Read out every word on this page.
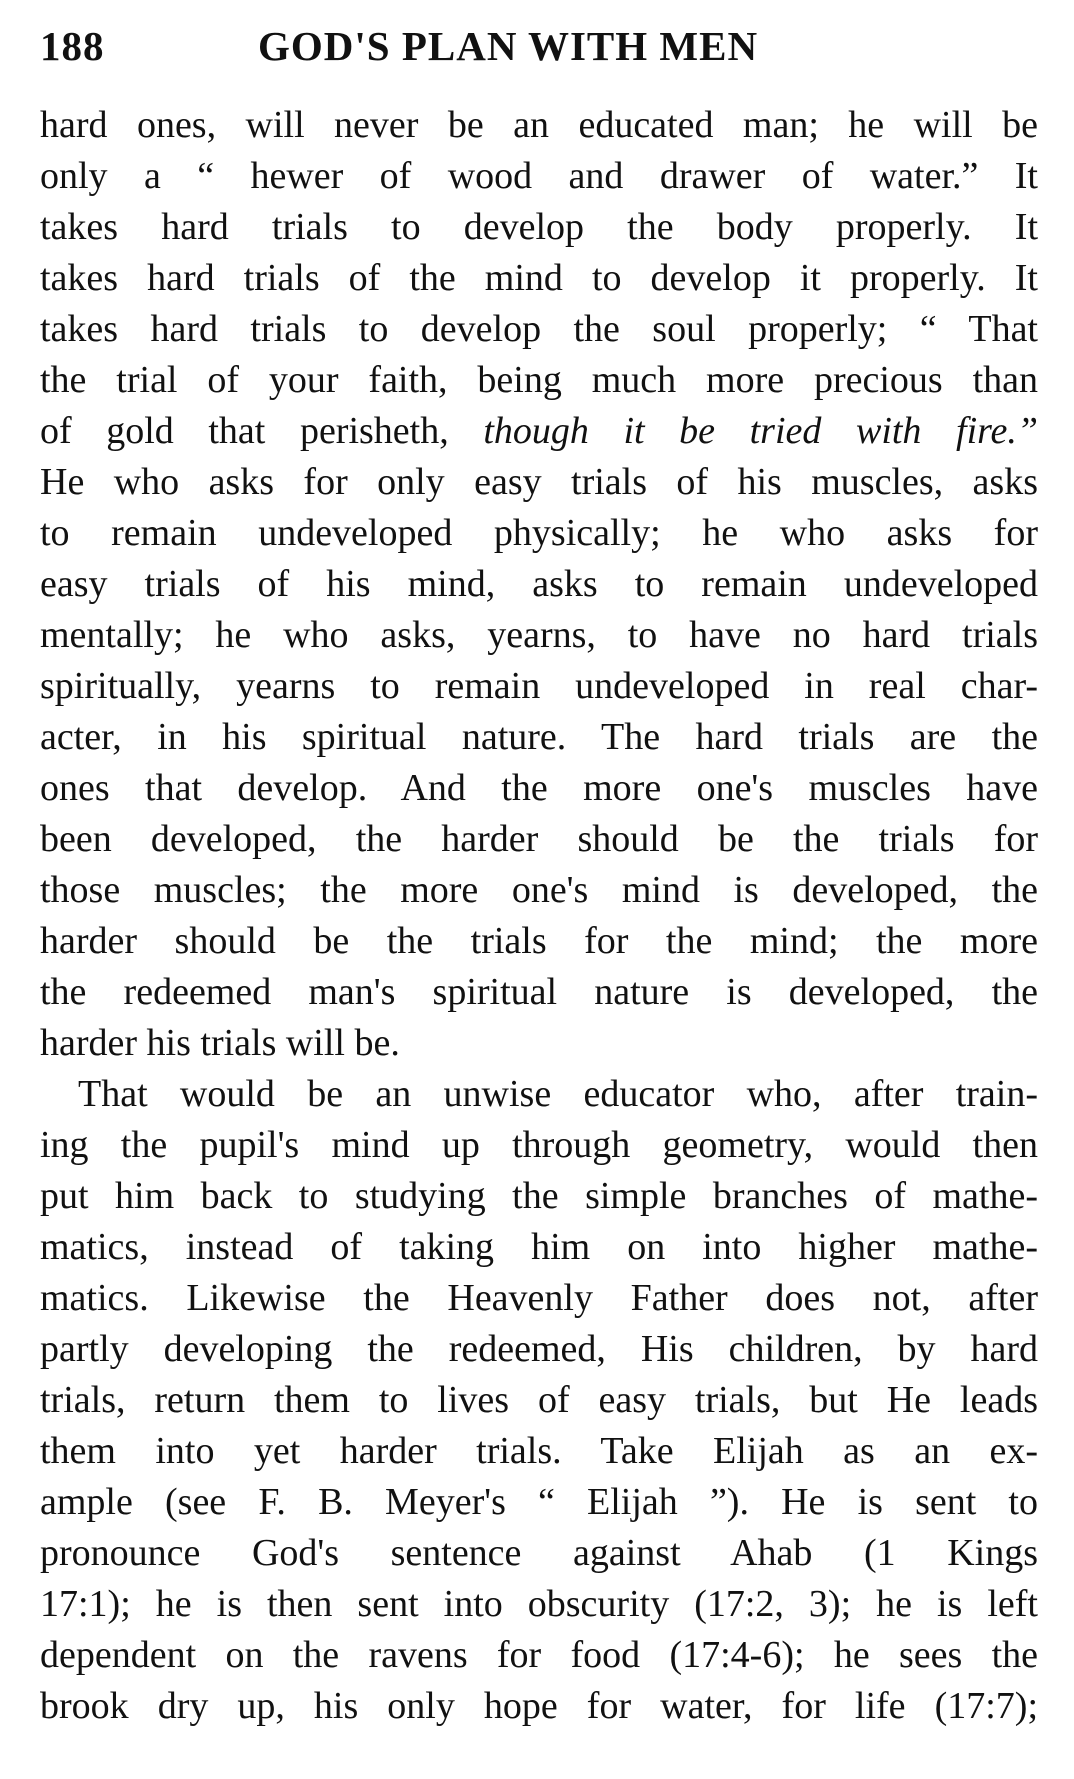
188	GOD'S PLAN WITH MEN
hard ones, will never be an educated man; he will be
only a “ hewer of wood and drawer of water.” It
takes hard trials to develop the body properly. It
takes hard trials of the mind to develop it properly. It
takes hard trials to develop the soul properly; “ That
the trial of your faith, being much more precious than
of gold that perisheth, though it be tried with fire.”
He who asks for only easy trials of his muscles, asks
to remain undeveloped physically; he who asks for
easy trials of his mind, asks to remain undeveloped
mentally; he who asks, yearns, to have no hard trials
spiritually, yearns to remain undeveloped in real char-
acter, in his spiritual nature. The hard trials are the
ones that develop. And the more one's muscles have
been developed, the harder should be the trials for
those muscles; the more one's mind is developed, the
harder should be the trials for the mind; the more
the redeemed man's spiritual nature is developed, the
harder his trials will be.
That would be an unwise educator who, after train-
ing the pupil's mind up through geometry, would then
put him back to studying the simple branches of mathe-
matics, instead of taking him on into higher mathe-
matics. Likewise the Heavenly Father does not, after
partly developing the redeemed, His children, by hard
trials, return them to lives of easy trials, but He leads
them into yet harder trials. Take Elijah as an ex-
ample (see F. B. Meyer's “ Elijah ”). He is sent to
pronounce God's sentence against Ahab (1 Kings
17:1); he is then sent into obscurity (17:2, 3); he is left
dependent on the ravens for food (17:4-6); he sees the
brook dry up, his only hope for water, for life (17:7);
